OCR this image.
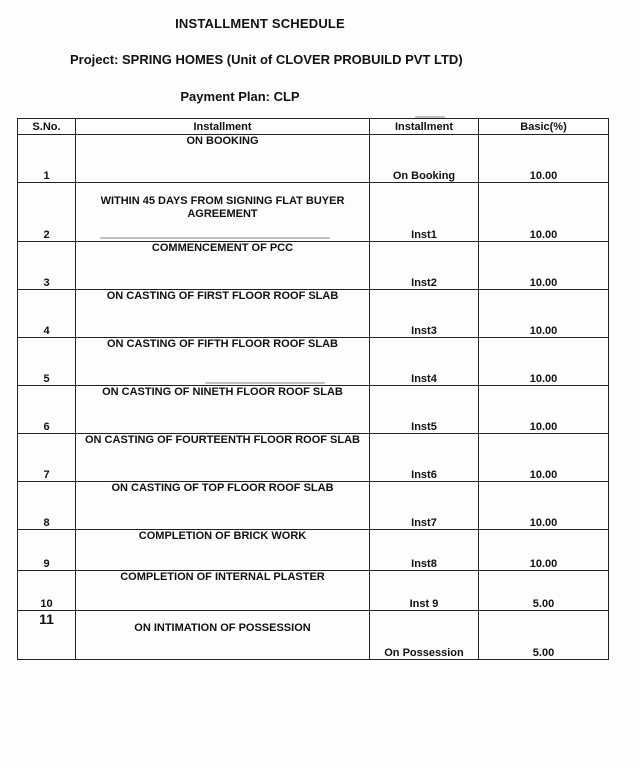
INSTALLMENT SCHEDULE
Project: SPRING HOMES (Unit of CLOVER PROBUILD PVT LTD)
Payment Plan: CLP
S.No.	Installment	Installment	Basic(%)
1	ON BOOKING	On Booking	10.00
2	WITHIN 45 DAYS FROM SIGNING FLAT BUYER AGREEMENT	Inst1	10.00
3	COMMENCEMENT OF PCC	Inst2	10.00
4	ON CASTING OF FIRST FLOOR ROOF SLAB	Inst3	10.00
5	ON CASTING OF FIFTH FLOOR ROOF SLAB	Inst4	10.00
6	ON CASTING OF NINETH FLOOR ROOF SLAB	Inst5	10.00
7	ON CASTING OF FOURTEENTH FLOOR ROOF SLAB	Inst6	10.00
8	ON CASTING OF TOP FLOOR ROOF SLAB	Inst7	10.00
9	COMPLETION OF BRICK WORK	Inst8	10.00
10	COMPLETION OF INTERNAL PLASTER	Inst 9	5.00
11	ON INTIMATION OF POSSESSION	On Possession	5.00
